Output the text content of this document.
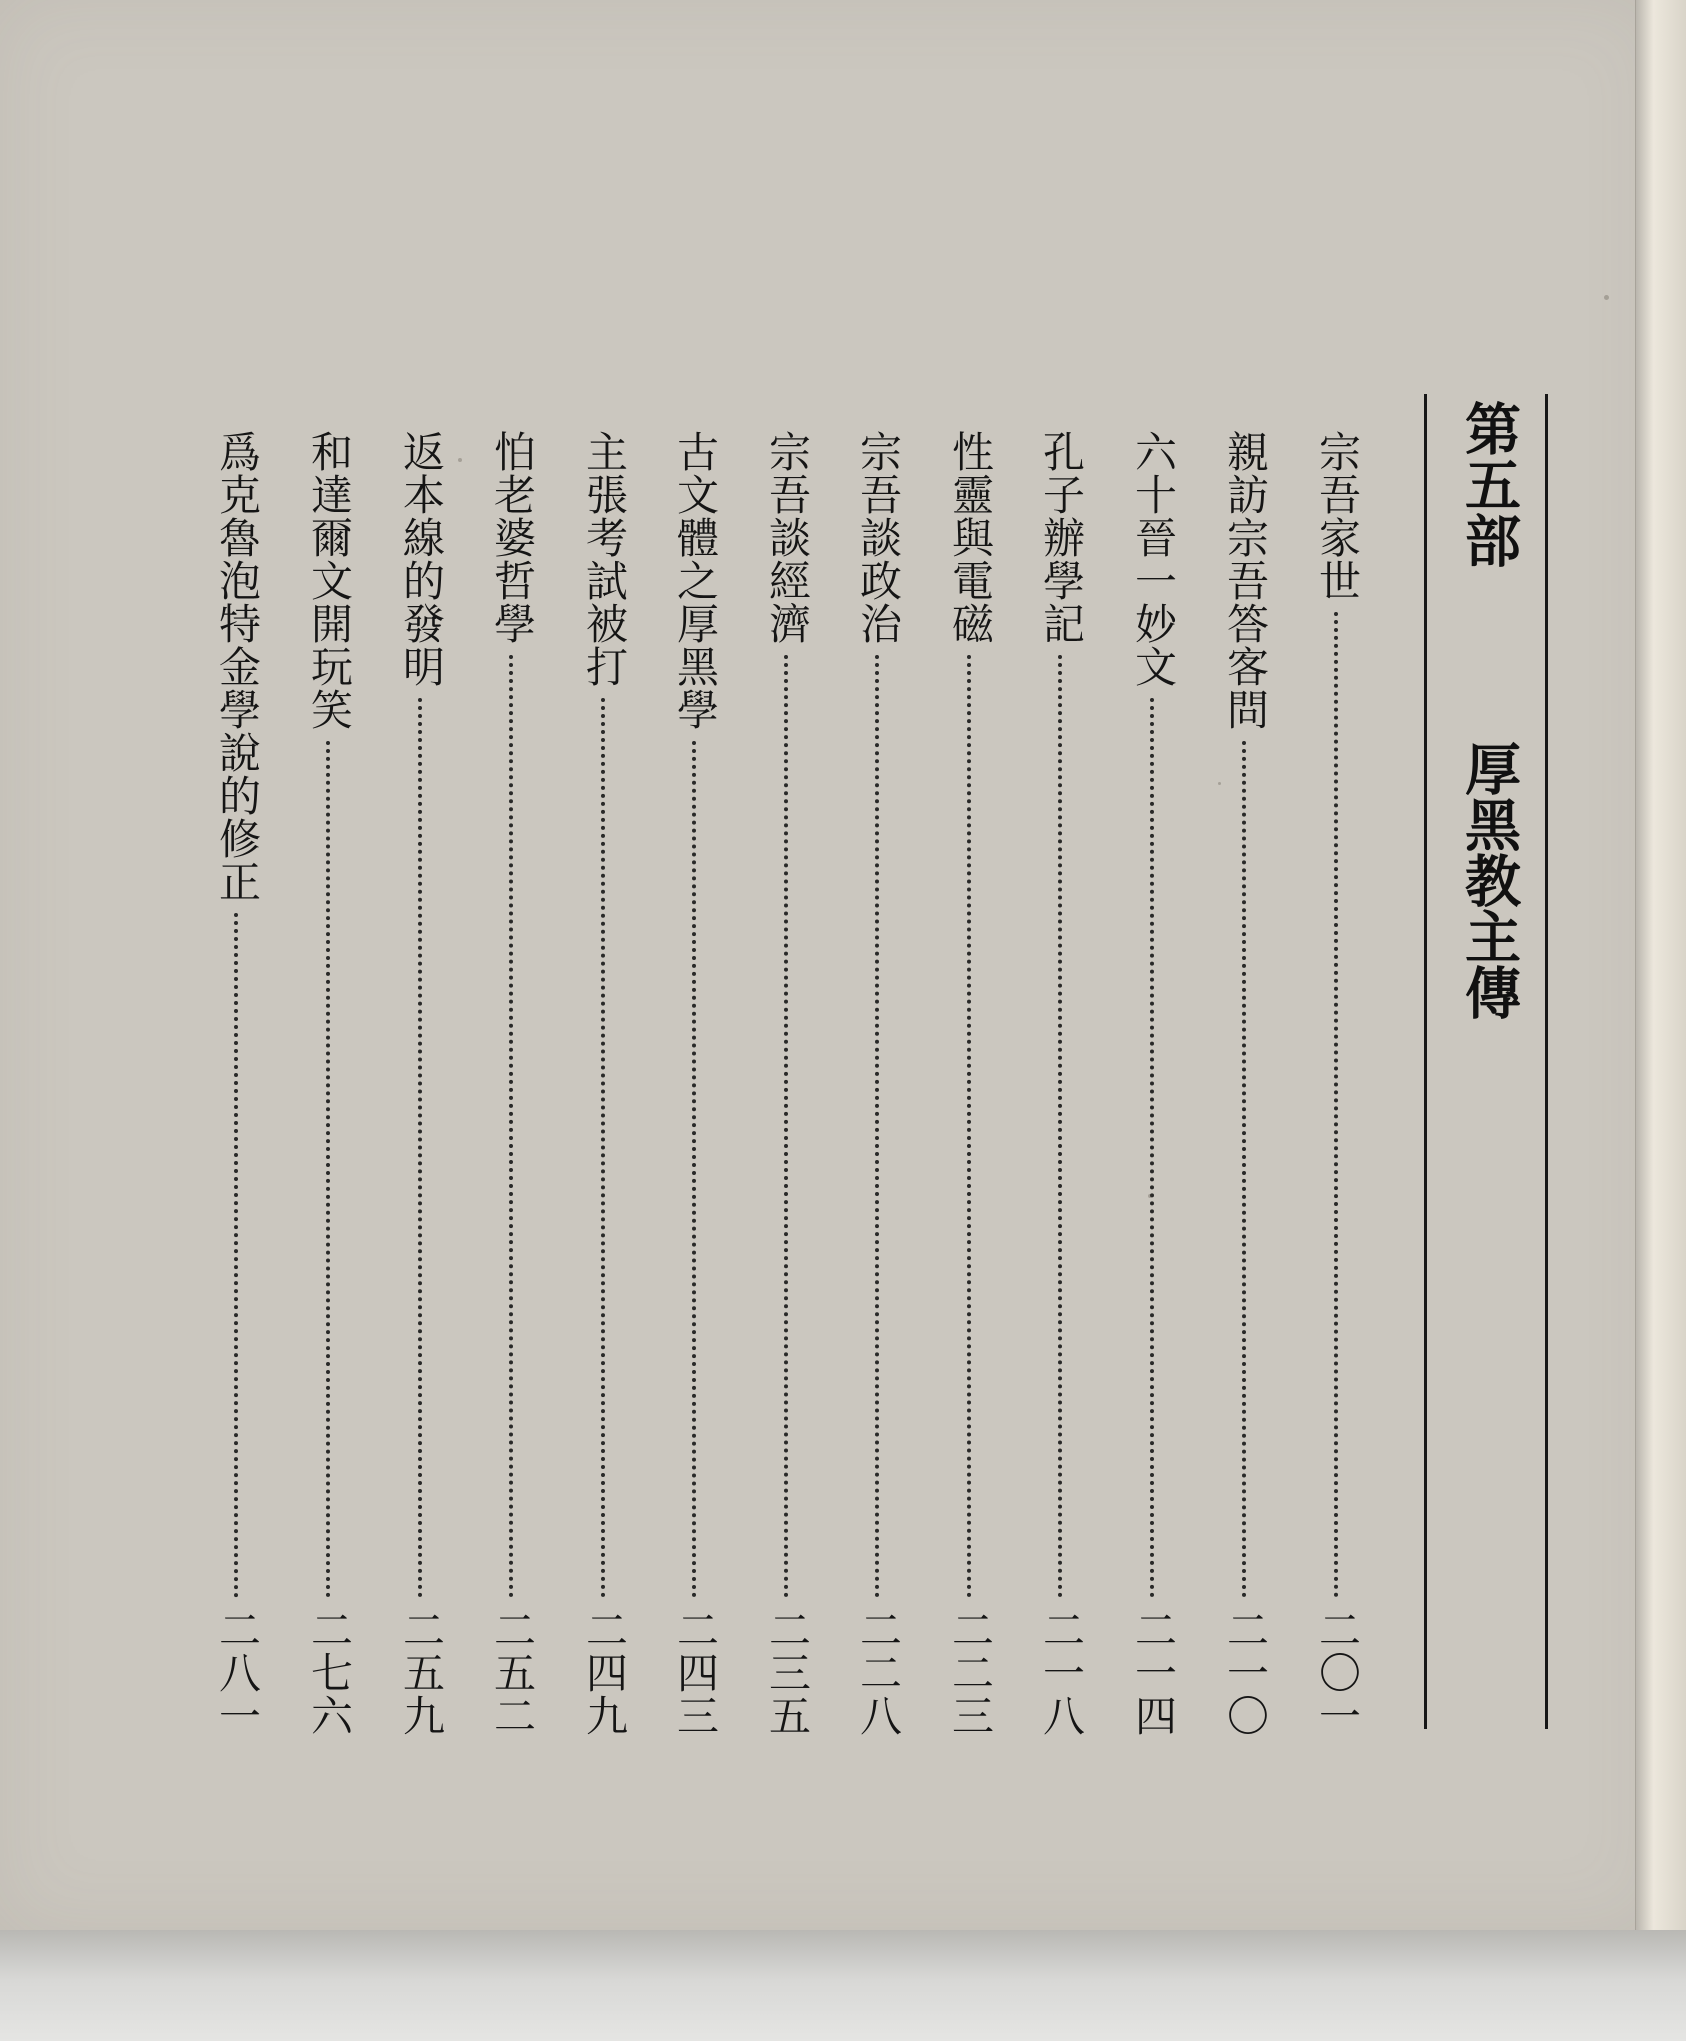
第五部  厚黑教主傳
宗吾家世
二〇一
親訪宗吾答客問
二一〇
六十晉一妙文
二一四
孔子辦學記
二一八
性靈與電磁
二二三
宗吾談政治
二二八
宗吾談經濟
二三五
古文體之厚黑學
二四三
主張考試被打
二四九
怕老婆哲學
二五二
返本線的發明
二五九
和達爾文開玩笑
二七六
爲克魯泡特金學說的修正
二八一
